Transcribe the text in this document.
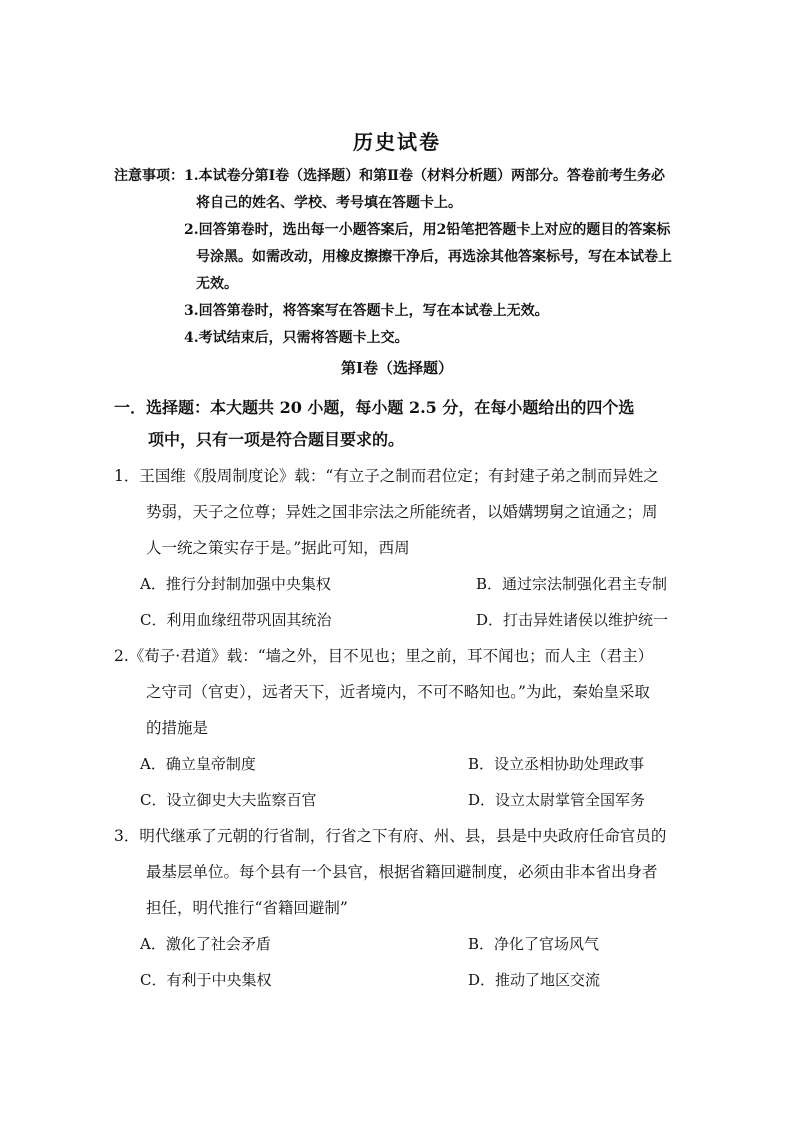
历史试卷
注意事项： 1.本试卷分第Ⅰ卷（选择题）和第Ⅱ卷（材料分析题）两部分。答卷前考生务必
将自己的姓名、学校、考号填在答题卡上。
2.回答第卷时，选出每一小题答案后，用2铅笔把答题卡上对应的题目的答案标
号涂黑。如需改动，用橡皮擦擦干净后，再选涂其他答案标号，写在本试卷上
无效。
3.回答第卷时，将答案写在答题卡上，写在本试卷上无效。
4.考试结束后，只需将答题卡上交。
第Ⅰ卷（选择题）
一．选择题：本大题共 20 小题，每小题 2.5 分，在每小题给出的四个选
项中，只有一项是符合题目要求的。
1．王国维《殷周制度论》载：“有立子之制而君位定；有封建子弟之制而异姓之
势弱，天子之位尊；异姓之国非宗法之所能统者，以婚媾甥舅之谊通之；周
人一统之策实存于是。”据此可知，西周
A．推行分封制加强中央集权	B．通过宗法制强化君主专制
C．利用血缘纽带巩固其统治	D．打击异姓诸侯以维护统一
2.《荀子·君道》载：“墙之外，目不见也；里之前，耳不闻也；而人主（君主）
之守司（官吏），远者天下，近者境内，不可不略知也。”为此，秦始皇采取
的措施是
A．确立皇帝制度	B．设立丞相协助处理政事
C．设立御史大夫监察百官	D．设立太尉掌管全国军务
3．明代继承了元朝的行省制，行省之下有府、州、县，县是中央政府任命官员的
最基层单位。每个县有一个县官，根据省籍回避制度，必须由非本省出身者
担任，明代推行“省籍回避制”
A．激化了社会矛盾	B．净化了官场风气
C．有利于中央集权	D．推动了地区交流
